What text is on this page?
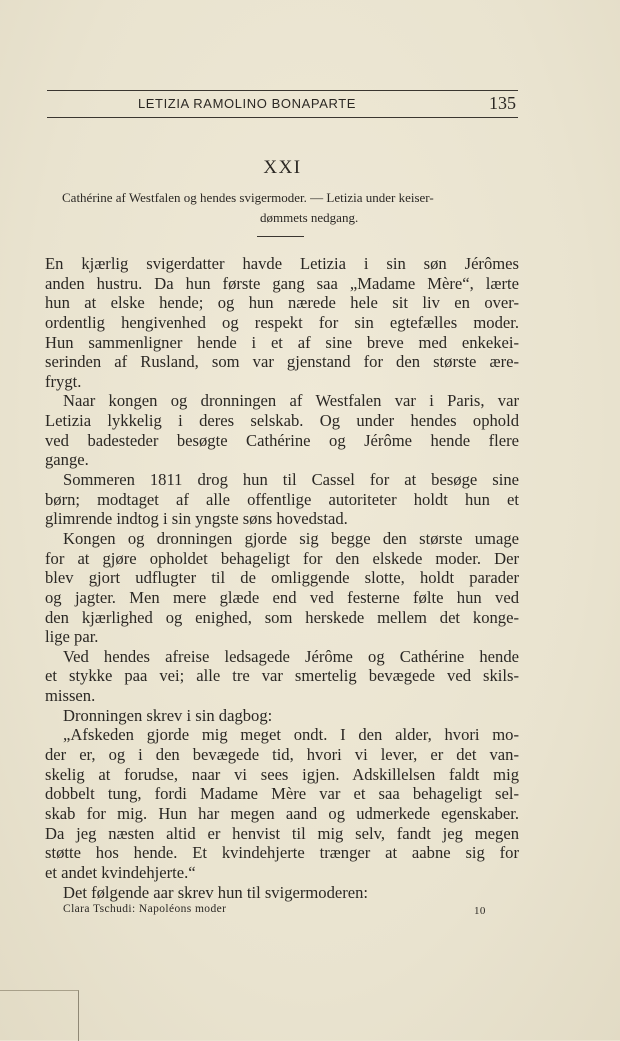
LETIZIA RAMOLINO BONAPARTE	135
XXI
Cathérine af Westfalen og hendes svigermoder. — Letizia under keiser-
dømmets nedgang.
En kjærlig svigerdatter havde Letizia i sin søn Jérômes
anden hustru. Da hun første gang saa „Madame Mère“, lærte
hun at elske hende; og hun nærede hele sit liv en over-
ordentlig hengivenhed og respekt for sin egtefælles moder.
Hun sammenligner hende i et af sine breve med enkekei-
serinden af Rusland, som var gjenstand for den største ære-
frygt.
Naar kongen og dronningen af Westfalen var i Paris, var
Letizia lykkelig i deres selskab. Og under hendes ophold
ved badesteder besøgte Cathérine og Jérôme hende flere
gange.
Sommeren 1811 drog hun til Cassel for at besøge sine
børn; modtaget af alle offentlige autoriteter holdt hun et
glimrende indtog i sin yngste søns hovedstad.
Kongen og dronningen gjorde sig begge den største umage
for at gjøre opholdet behageligt for den elskede moder. Der
blev gjort udflugter til de omliggende slotte, holdt parader
og jagter. Men mere glæde end ved festerne følte hun ved
den kjærlighed og enighed, som herskede mellem det konge-
lige par.
Ved hendes afreise ledsagede Jérôme og Cathérine hende
et stykke paa vei; alle tre var smertelig bevægede ved skils-
missen.
Dronningen skrev i sin dagbog:
„Afskeden gjorde mig meget ondt. I den alder, hvori mo-
der er, og i den bevægede tid, hvori vi lever, er det van-
skelig at forudse, naar vi sees igjen. Adskillelsen faldt mig
dobbelt tung, fordi Madame Mère var et saa behageligt sel-
skab for mig. Hun har megen aand og udmerkede egenskaber.
Da jeg næsten altid er henvist til mig selv, fandt jeg megen
støtte hos hende. Et kvindehjerte trænger at aabne sig for
et andet kvindehjerte.“
Det følgende aar skrev hun til svigermoderen:
Clara Tschudi: Napoléons moder	10
